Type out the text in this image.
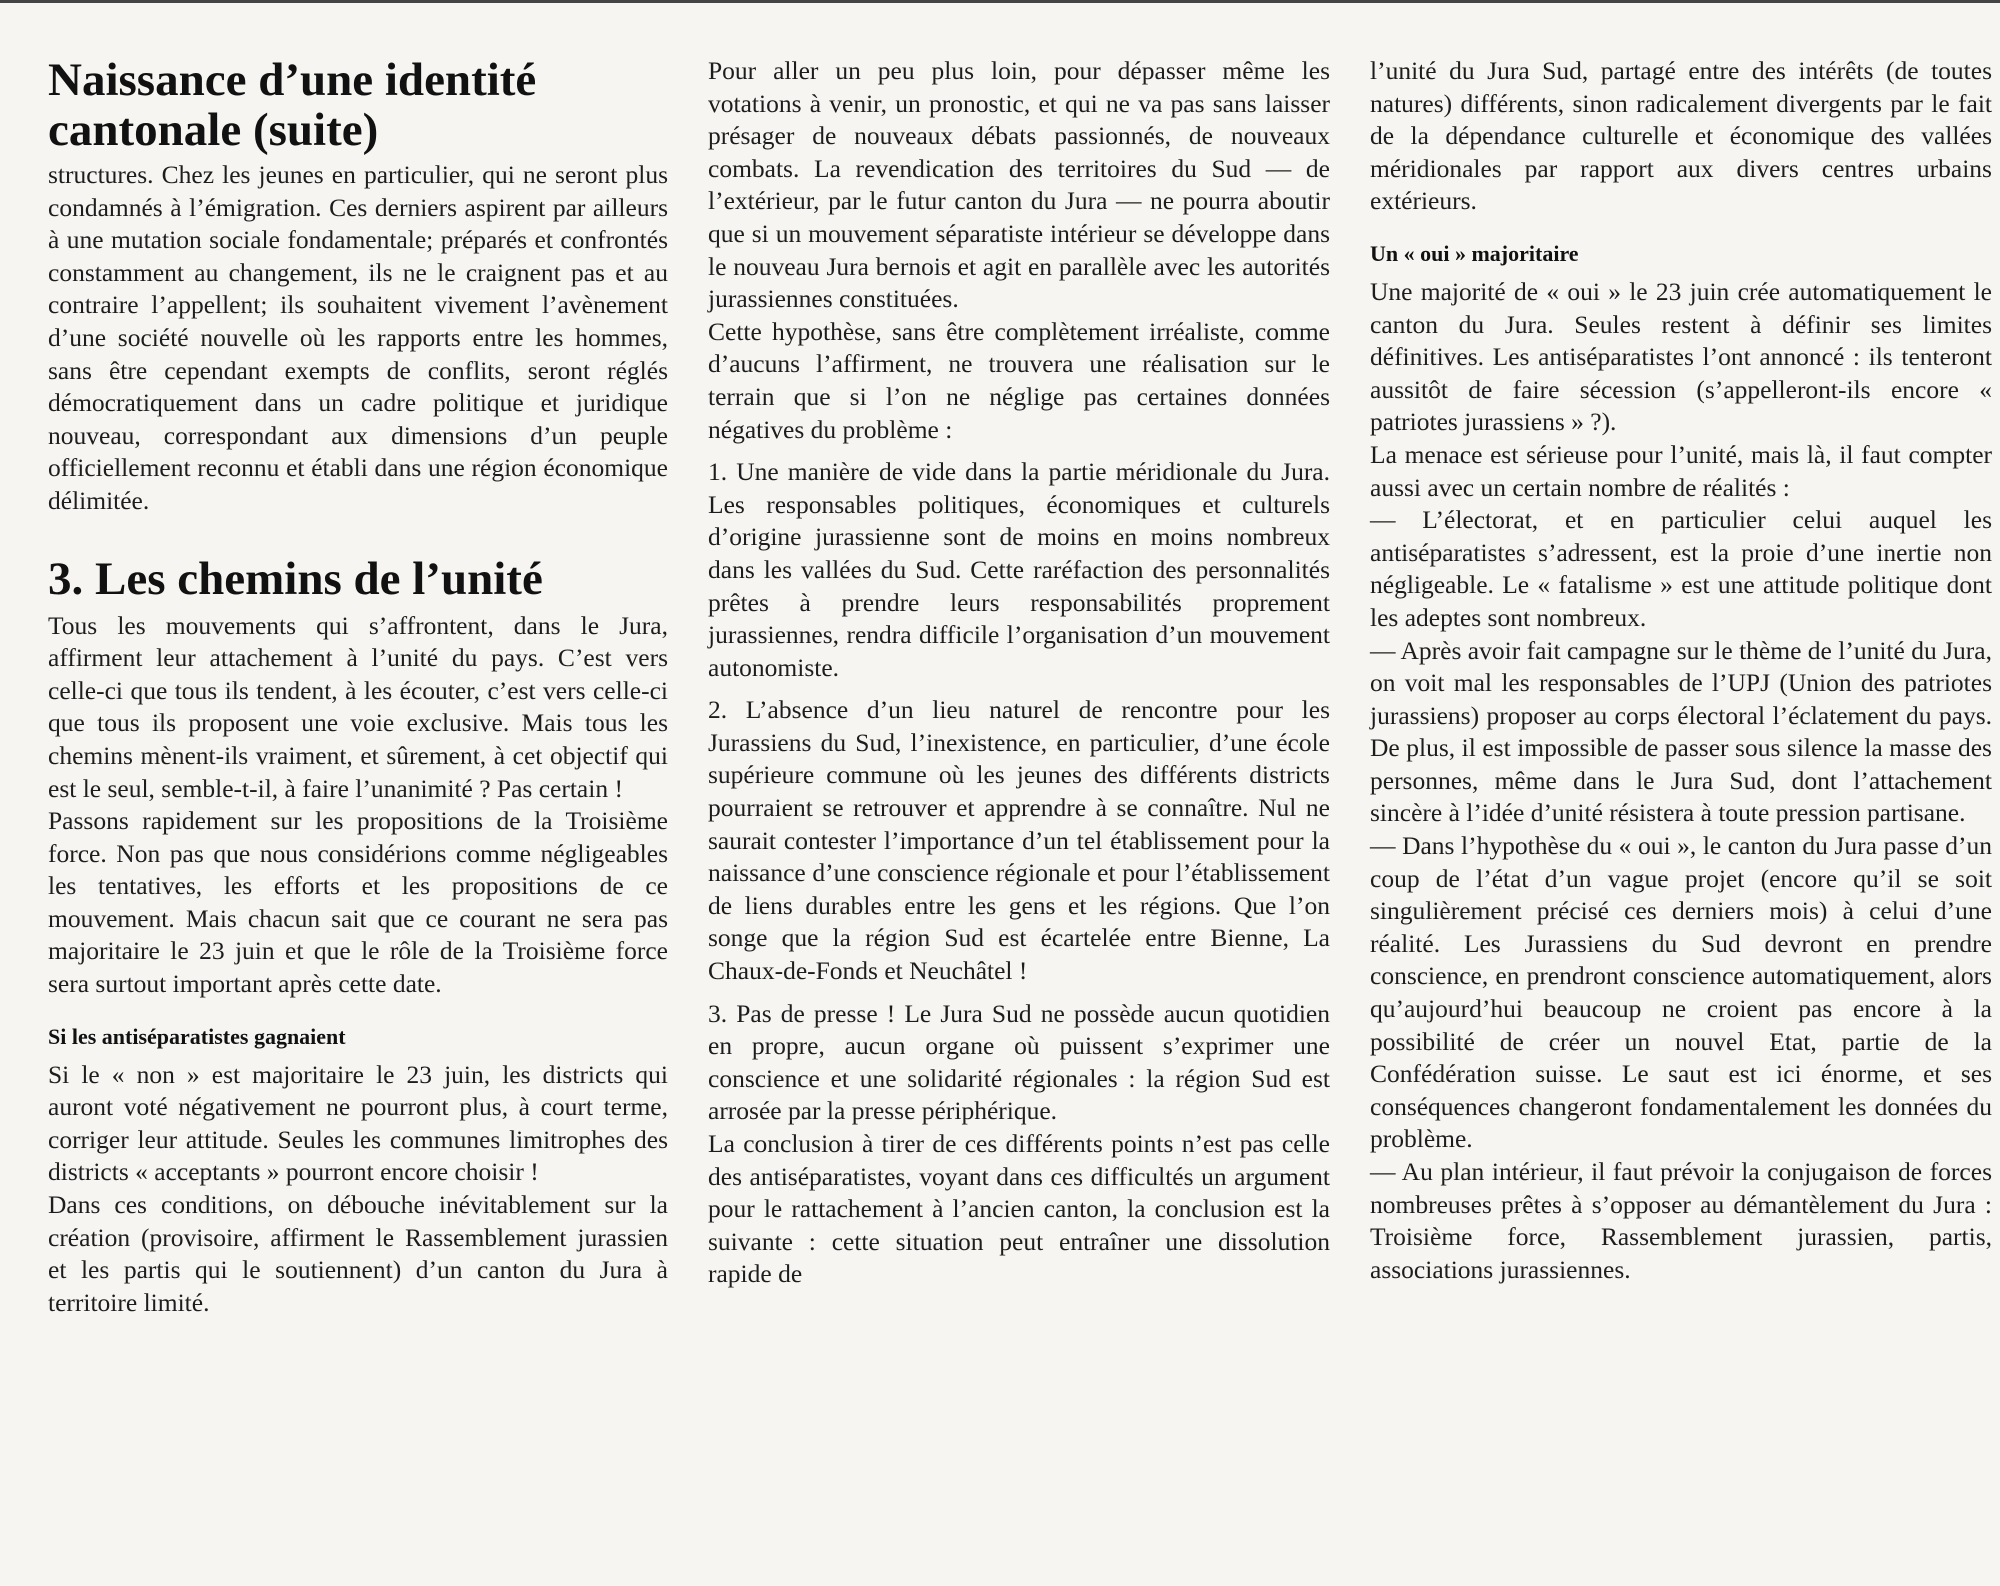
Naissance d’une identité cantonale (suite)

structures. Chez les jeunes en particulier, qui ne seront plus condamnés à l’émigration. Ces derniers aspirent par ailleurs à une mutation sociale fondamentale; préparés et confrontés constamment au changement, ils ne le craignent pas et au contraire l’appellent; ils souhaitent vivement l’avènement d’une société nouvelle où les rapports entre les hommes, sans être cependant exempts de conflits, seront réglés démocratiquement dans un cadre politique et juridique nouveau, correspondant aux dimensions d’un peuple officiellement reconnu et établi dans une région économique délimitée.

3. Les chemins de l’unité

Tous les mouvements qui s’affrontent, dans le Jura, affirment leur attachement à l’unité du pays. C’est vers celle-ci que tous ils tendent, à les écouter, c’est vers celle-ci que tous ils proposent une voie exclusive. Mais tous les chemins mènent-ils vraiment, et sûrement, à cet objectif qui est le seul, semble-t-il, à faire l’unanimité ? Pas certain !

Passons rapidement sur les propositions de la Troisième force. Non pas que nous considérions comme négligeables les tentatives, les efforts et les propositions de ce mouvement. Mais chacun sait que ce courant ne sera pas majoritaire le 23 juin et que le rôle de la Troisième force sera surtout important après cette date.

Si les antiséparatistes gagnaient

Si le « non » est majoritaire le 23 juin, les districts qui auront voté négativement ne pourront plus, à court terme, corriger leur attitude. Seules les communes limitrophes des districts « acceptants » pourront encore choisir !

Dans ces conditions, on débouche inévitablement sur la création (provisoire, affirment le Rassemblement jurassien et les partis qui le soutiennent) d’un canton du Jura à territoire limité.

Pour aller un peu plus loin, pour dépasser même les votations à venir, un pronostic, et qui ne va pas sans laisser présager de nouveaux débats passionnés, de nouveaux combats. La revendication des territoires du Sud — de l’extérieur, par le futur canton du Jura — ne pourra aboutir que si un mouvement séparatiste intérieur se développe dans le nouveau Jura bernois et agit en parallèle avec les autorités jurassiennes constituées.

Cette hypothèse, sans être complètement irréaliste, comme d’aucuns l’affirment, ne trouvera une réalisation sur le terrain que si l’on ne néglige pas certaines données négatives du problème :

1. Une manière de vide dans la partie méridionale du Jura. Les responsables politiques, économiques et culturels d’origine jurassienne sont de moins en moins nombreux dans les vallées du Sud. Cette raréfaction des personnalités prêtes à prendre leurs responsabilités proprement jurassiennes, rendra difficile l’organisation d’un mouvement autonomiste.

2. L’absence d’un lieu naturel de rencontre pour les Jurassiens du Sud, l’inexistence, en particulier, d’une école supérieure commune où les jeunes des différents districts pourraient se retrouver et apprendre à se connaître. Nul ne saurait contester l’importance d’un tel établissement pour la naissance d’une conscience régionale et pour l’établissement de liens durables entre les gens et les régions. Que l’on songe que la région Sud est écartelée entre Bienne, La Chaux-de-Fonds et Neuchâtel !

3. Pas de presse ! Le Jura Sud ne possède aucun quotidien en propre, aucun organe où puissent s’exprimer une conscience et une solidarité régionales : la région Sud est arrosée par la presse périphérique.

La conclusion à tirer de ces différents points n’est pas celle des antiséparatistes, voyant dans ces difficultés un argument pour le rattachement à l’ancien canton, la conclusion est la suivante : cette situation peut entraîner une dissolution rapide de

l’unité du Jura Sud, partagé entre des intérêts (de toutes natures) différents, sinon radicalement divergents par le fait de la dépendance culturelle et économique des vallées méridionales par rapport aux divers centres urbains extérieurs.

Un « oui » majoritaire

Une majorité de « oui » le 23 juin crée automatiquement le canton du Jura. Seules restent à définir ses limites définitives. Les antiséparatistes l’ont annoncé : ils tenteront aussitôt de faire sécession (s’appelleront-ils encore « patriotes jurassiens » ?).

La menace est sérieuse pour l’unité, mais là, il faut compter aussi avec un certain nombre de réalités :

— L’électorat, et en particulier celui auquel les antiséparatistes s’adressent, est la proie d’une inertie non négligeable. Le « fatalisme » est une attitude politique dont les adeptes sont nombreux.

— Après avoir fait campagne sur le thème de l’unité du Jura, on voit mal les responsables de l’UPJ (Union des patriotes jurassiens) proposer au corps électoral l’éclatement du pays. De plus, il est impossible de passer sous silence la masse des personnes, même dans le Jura Sud, dont l’attachement sincère à l’idée d’unité résistera à toute pression partisane.

— Dans l’hypothèse du « oui », le canton du Jura passe d’un coup de l’état d’un vague projet (encore qu’il se soit singulièrement précisé ces derniers mois) à celui d’une réalité. Les Jurassiens du Sud devront en prendre conscience, en prendront conscience automatiquement, alors qu’aujourd’hui beaucoup ne croient pas encore à la possibilité de créer un nouvel Etat, partie de la Confédération suisse. Le saut est ici énorme, et ses conséquences changeront fondamentalement les données du problème.

— Au plan intérieur, il faut prévoir la conjugaison de forces nombreuses prêtes à s’opposer au démantèlement du Jura : Troisième force, Rassemblement jurassien, partis, associations jurassiennes.
